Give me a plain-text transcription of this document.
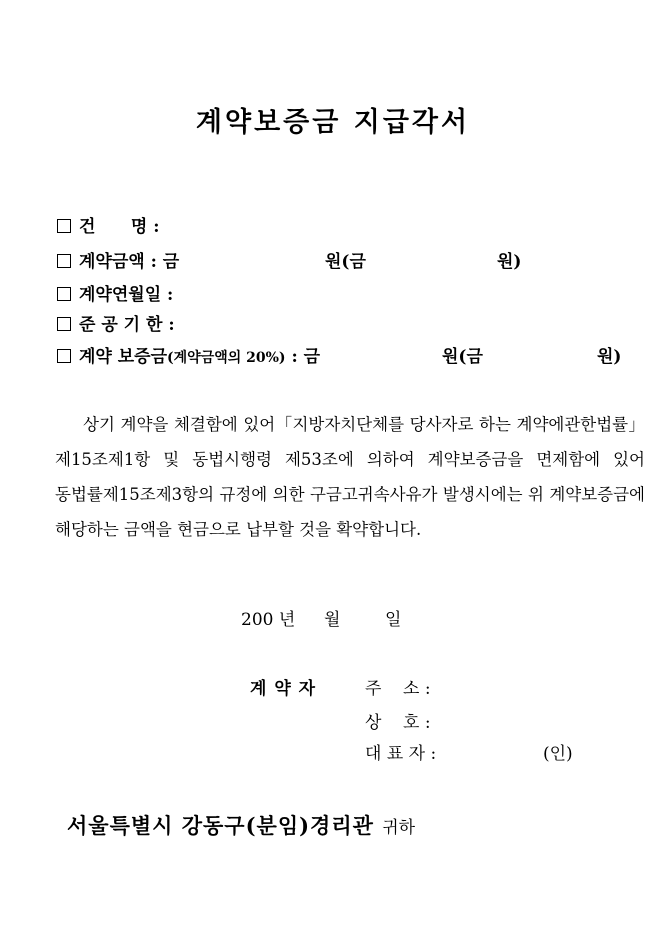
계약보증금 지급각서
건      명 :
계약금액 : 금	원(금	원)
계약연월일 :
준 공 기 한 :
계약 보증금(계약금액의 20%) : 금	원(금	원)

상기 계약을 체결함에 있어「지방자치단체를 당사자로 하는 계약에관한법률」제15조제1항 및 동법시행령 제53조에 의하여 계약보증금을 면제함에 있어 동법률제15조제3항의 규정에 의한 구금고귀속사유가 발생시에는 위 계약보증금에 해당하는 금액을 현금으로 납부할 것을 확약합니다.

200 년 월	일
계 약 자	주    소 :
상    호 :
대 표 자 :	(인)
서울특별시 강동구(분임)경리관 귀하
